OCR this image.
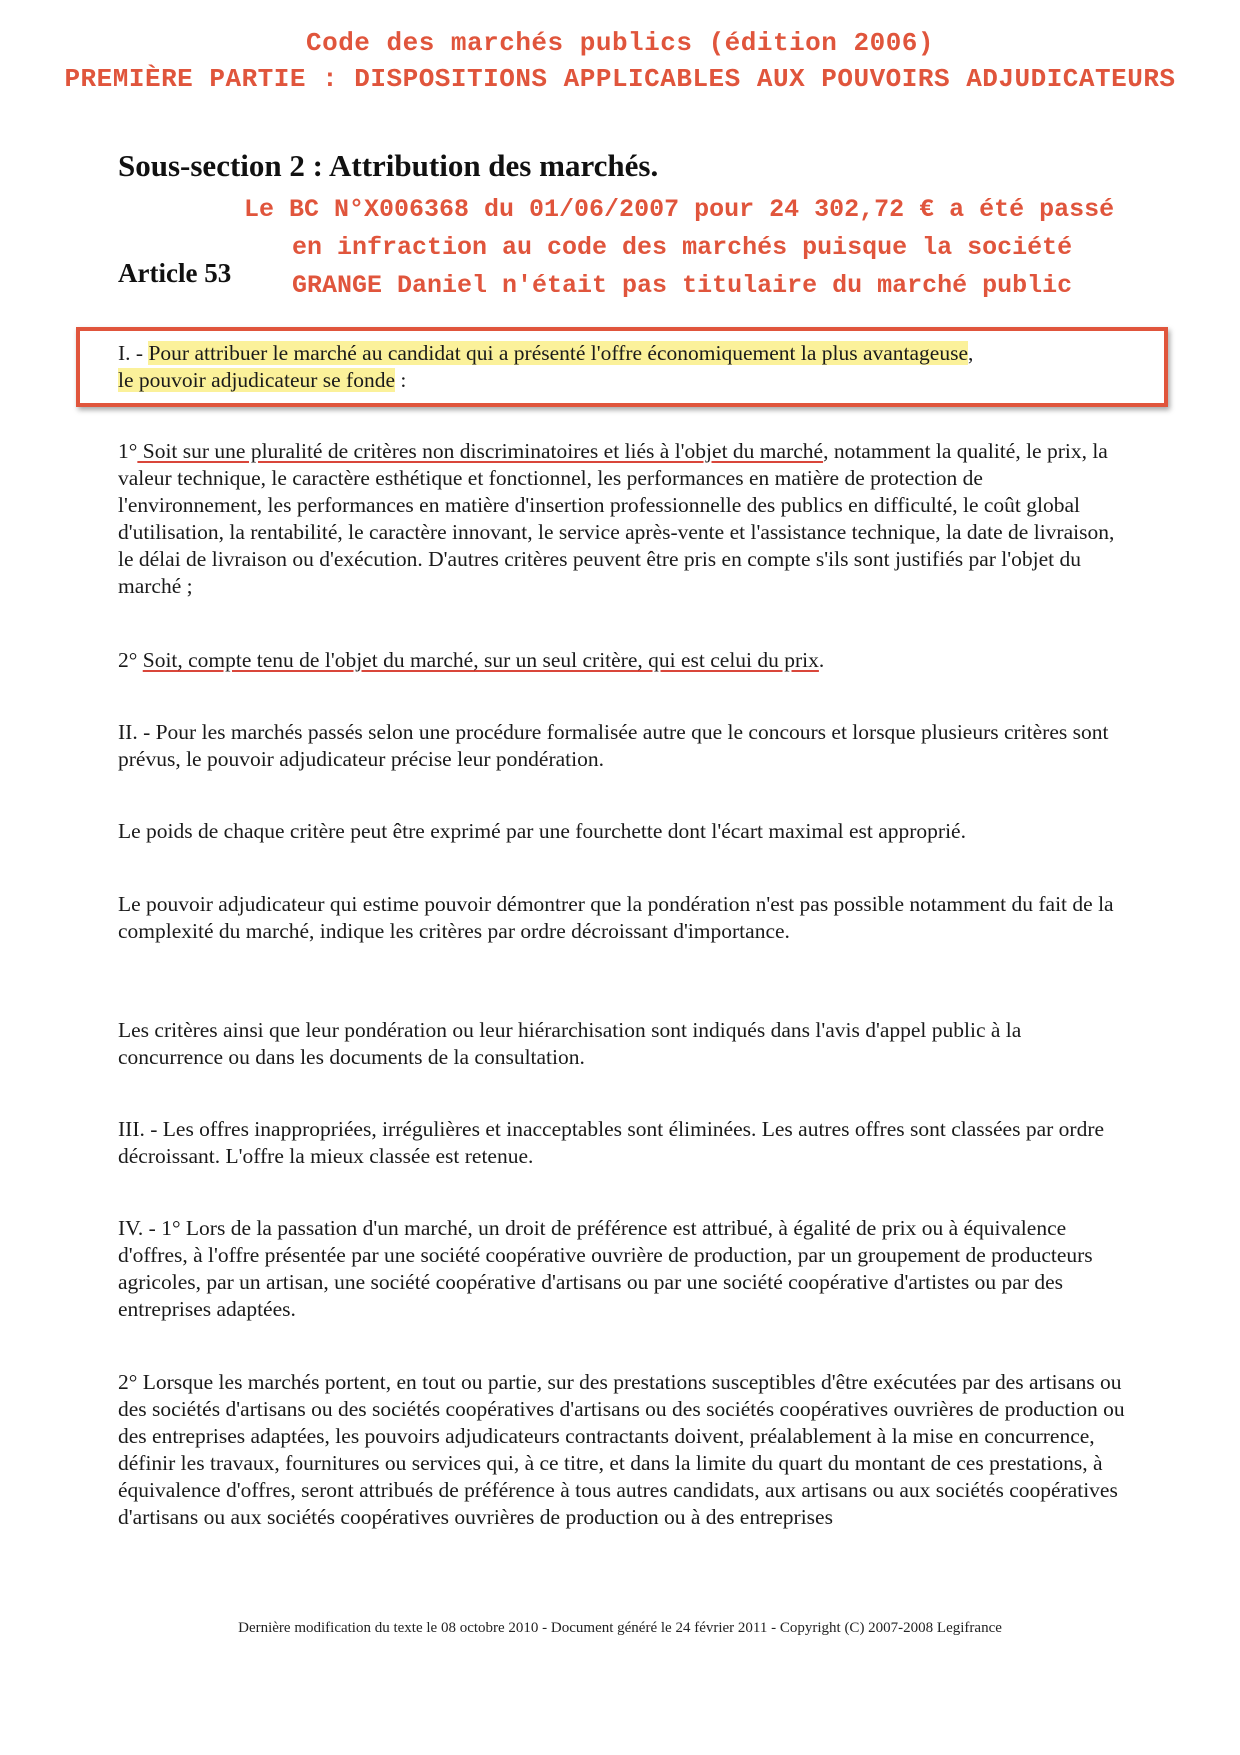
Code des marchés publics (édition 2006)

PREMIÈRE PARTIE : DISPOSITIONS APPLICABLES AUX POUVOIRS ADJUDICATEURS

Sous-section 2 : Attribution des marchés.

Le BC N°X006368 du 01/06/2007 pour 24 302,72 € a été passé

en infraction au code des marchés puisque la société

GRANGE Daniel n'était pas titulaire du marché public

Article 53

I. - Pour attribuer le marché au candidat qui a présenté l'offre économiquement la plus avantageuse,
le pouvoir adjudicateur se fonde :

1° Soit sur une pluralité de critères non discriminatoires et liés à l'objet du marché, notamment la qualité, le prix, la valeur technique, le caractère esthétique et fonctionnel, les performances en matière de protection de l'environnement, les performances en matière d'insertion professionnelle des publics en difficulté, le coût global d'utilisation, la rentabilité, le caractère innovant, le service après-vente et l'assistance technique, la date de livraison, le délai de livraison ou d'exécution. D'autres critères peuvent être pris en compte s'ils sont justifiés par l'objet du marché ;

2° Soit, compte tenu de l'objet du marché, sur un seul critère, qui est celui du prix.

II. - Pour les marchés passés selon une procédure formalisée autre que le concours et lorsque plusieurs critères sont prévus, le pouvoir adjudicateur précise leur pondération.

Le poids de chaque critère peut être exprimé par une fourchette dont l'écart maximal est approprié.

Le pouvoir adjudicateur qui estime pouvoir démontrer que la pondération n'est pas possible notamment du fait de la complexité du marché, indique les critères par ordre décroissant d'importance.

Les critères ainsi que leur pondération ou leur hiérarchisation sont indiqués dans l'avis d'appel public à la concurrence ou dans les documents de la consultation.

III. - Les offres inappropriées, irrégulières et inacceptables sont éliminées. Les autres offres sont classées par ordre décroissant. L'offre la mieux classée est retenue.

IV. - 1° Lors de la passation d'un marché, un droit de préférence est attribué, à égalité de prix ou à équivalence d'offres, à l'offre présentée par une société coopérative ouvrière de production, par un groupement de producteurs agricoles, par un artisan, une société coopérative d'artisans ou par une société coopérative d'artistes ou par des entreprises adaptées.

2° Lorsque les marchés portent, en tout ou partie, sur des prestations susceptibles d'être exécutées par des artisans ou des sociétés d'artisans ou des sociétés coopératives d'artisans ou des sociétés coopératives ouvrières de production ou des entreprises adaptées, les pouvoirs adjudicateurs contractants doivent, préalablement à la mise en concurrence, définir les travaux, fournitures ou services qui, à ce titre, et dans la limite du quart du montant de ces prestations, à équivalence d'offres, seront attribués de préférence à tous autres candidats, aux artisans ou aux sociétés coopératives d'artisans ou aux sociétés coopératives ouvrières de production ou à des entreprises

Dernière modification du texte le 08 octobre 2010 - Document généré le 24 février 2011 - Copyright (C) 2007-2008 Legifrance
